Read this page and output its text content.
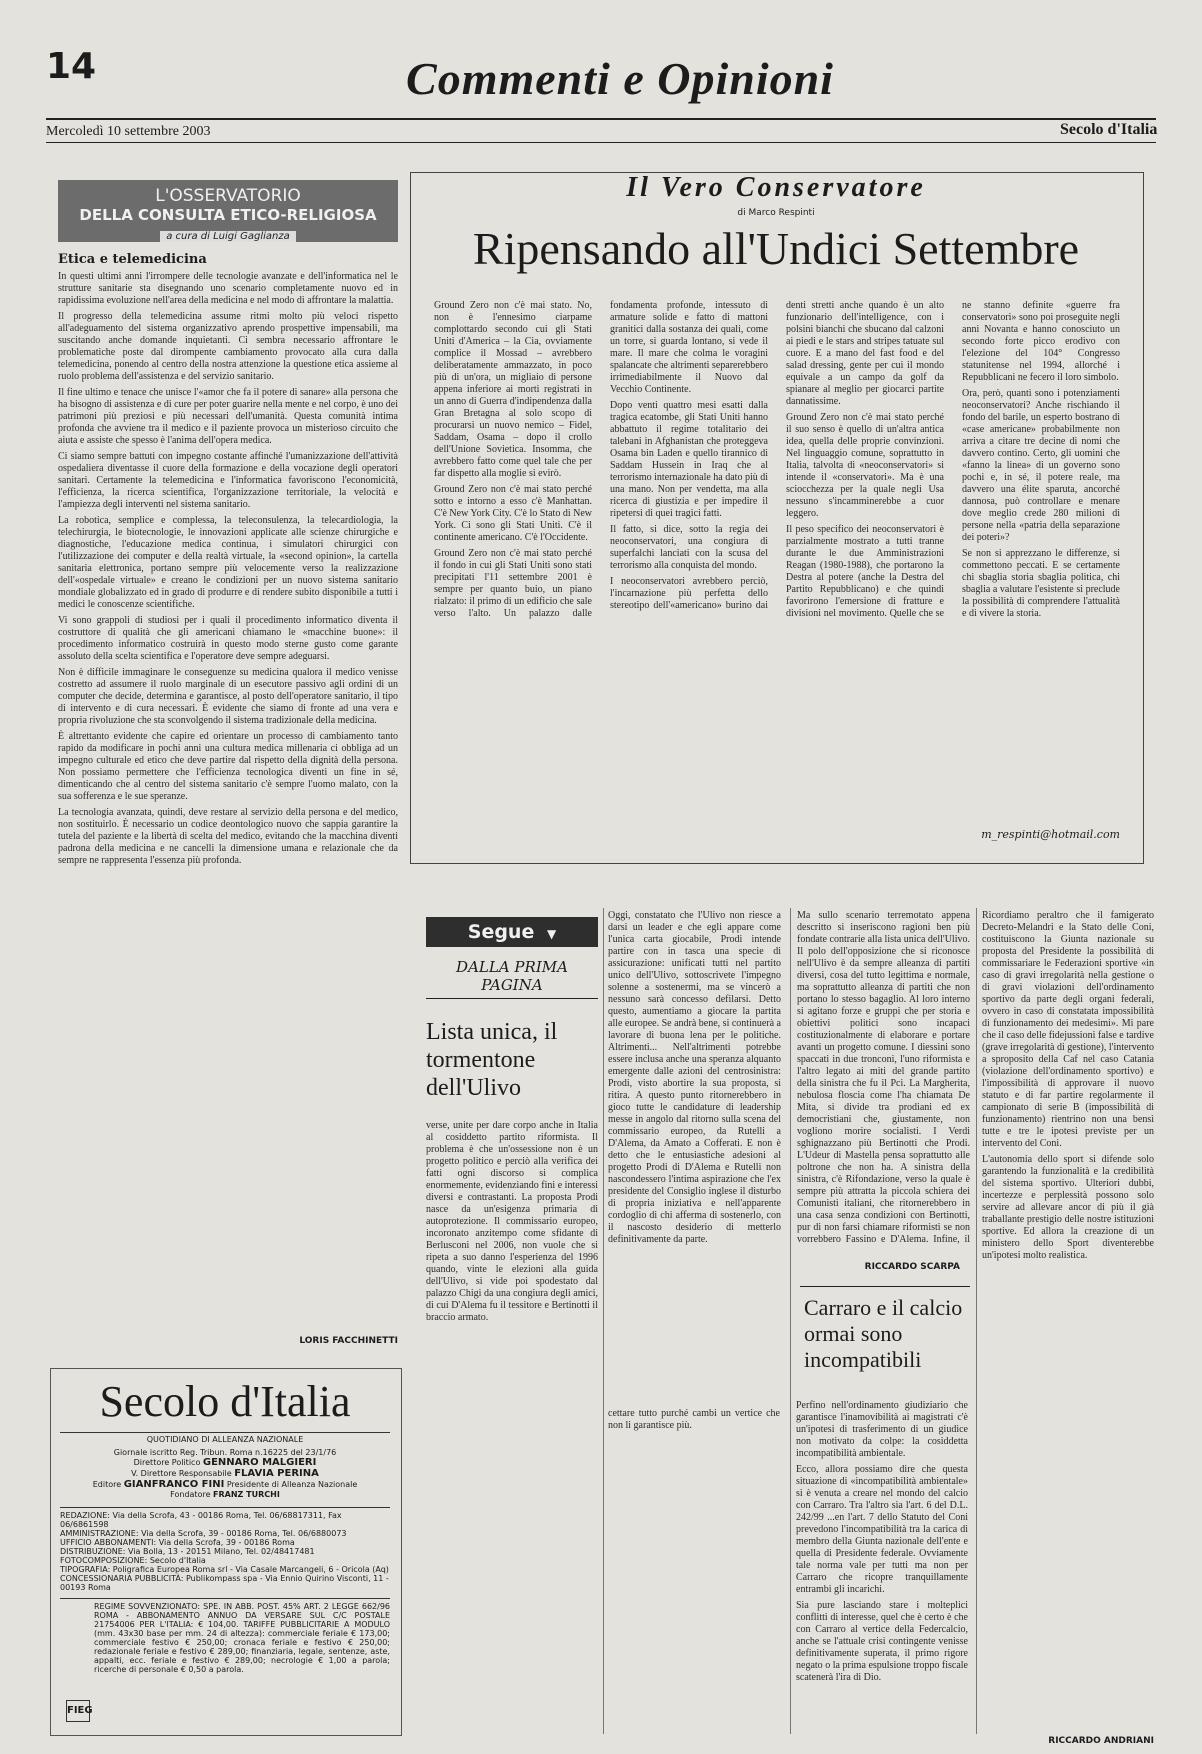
14	Commenti e Opinioni
Mercoledì 10 settembre 2003	Secolo d'Italia
L'OSSERVATORIO
DELLA CONSULTA ETICO-RELIGIOSA
a cura di Luigi Gaglianza
Etica e telemedicina

In questi ultimi anni l'irrompere delle tecnologie avanzate e dell'informatica nel le strutture sanitarie sta disegnando uno scenario completamente nuovo ed in rapidissima evoluzione nell'area della medicina e nel modo di affrontare la malattia.

Il progresso della telemedicina assume ritmi molto più veloci rispetto all'adeguamento del sistema organizzativo aprendo prospettive impensabili, ma suscitando anche domande inquietanti. Ci sembra necessario affrontare le problematiche poste dal dirompente cambiamento provocato alla cura dalla telemedicina, ponendo al centro della nostra attenzione la questione etica assieme al ruolo problema dell'assistenza e del servizio sanitario.

Il fine ultimo e tenace che unisce l'«amor che fa il potere di sanare» alla persona che ha bisogno di assistenza e di cure per poter guarire nella mente e nel corpo, è uno dei patrimoni più preziosi e più necessari dell'umanità. Questa comunità intima profonda che avviene tra il medico e il paziente provoca un misterioso circuito che aiuta e assiste che spesso è l'anima dell'opera medica.

Ci siamo sempre battuti con impegno costante affinché l'umanizzazione dell'attività ospedaliera diventasse il cuore della formazione e della vocazione degli operatori sanitari. Certamente la telemedicina e l'informatica favoriscono l'economicità, l'efficienza, la ricerca scientifica, l'organizzazione territoriale, la velocità e l'ampiezza degli interventi nel sistema sanitario.

La robotica, semplice e complessa, la teleconsulenza, la telecardiologia, la telechirurgia, le biotecnologie, le innovazioni applicate alle scienze chirurgiche e diagnostiche, l'educazione medica continua, i simulatori chirurgici con l'utilizzazione dei computer e della realtà virtuale, la «second opinion», la cartella sanitaria elettronica, portano sempre più velocemente verso la realizzazione dell'«ospedale virtuale» e creano le condizioni per un nuovo sistema sanitario mondiale globalizzato ed in grado di produrre e di rendere subito disponibile a tutti i medici le conoscenze scientifiche.

Vi sono grappoli di studiosi per i quali il procedimento informatico diventa il costruttore di qualità che gli americani chiamano le «macchine buone»: il procedimento informatico costruirà in questo modo sterne gusto come garante assoluto della scelta scientifica e l'operatore deve sempre adeguarsi.

Non è difficile immaginare le conseguenze su medicina qualora il medico venisse costretto ad assumere il ruolo marginale di un esecutore passivo agli ordini di un computer che decide, determina e garantisce, al posto dell'operatore sanitario, il tipo di intervento e di cura necessari. È evidente che siamo di fronte ad una vera e propria rivoluzione che sta sconvolgendo il sistema tradizionale della medicina.

È altrettanto evidente che capire ed orientare un processo di cambiamento tanto rapido da modificare in pochi anni una cultura medica millenaria ci obbliga ad un impegno culturale ed etico che deve partire dal rispetto della dignità della persona. Non possiamo permettere che l'efficienza tecnologica diventi un fine in sé, dimenticando che al centro del sistema sanitario c'è sempre l'uomo malato, con la sua sofferenza e le sue speranze.

La tecnologia avanzata, quindi, deve restare al servizio della persona e del medico, non sostituirlo. È necessario un codice deontologico nuovo che sappia garantire la tutela del paziente e la libertà di scelta del medico, evitando che la macchina diventi padrona della medicina e ne cancelli la dimensione umana e relazionale che da sempre ne rappresenta l'essenza più profonda.

LORIS FACCHINETTI
Il Vero Conservatore
di Marco Respinti
Ripensando all'Undici Settembre

Ground Zero non c'è mai stato. No, non è l'ennesimo ciarpame complottardo secondo cui gli Stati Uniti d'America – la Cia, ovviamente complice il Mossad – avrebbero deliberatamente ammazzato, in poco più di un'ora, un migliaio di persone appena inferiore ai morti registrati in un anno di Guerra d'indipendenza dalla Gran Bretagna al solo scopo di procurarsi un nuovo nemico – Fidel, Saddam, Osama – dopo il crollo dell'Unione Sovietica. Insomma, che avrebbero fatto come quel tale che per far dispetto alla moglie si evirò.

Ground Zero non c'è mai stato perché sotto e intorno a esso c'è Manhattan. C'è New York City. C'è lo Stato di New York. Ci sono gli Stati Uniti. C'è il continente americano. C'è l'Occidente.

Ground Zero non c'è mai stato perché il fondo in cui gli Stati Uniti sono stati precipitati l'11 settembre 2001 è sempre per quanto buio, un piano rialzato: il primo di un edificio che sale verso l'alto. Un palazzo dalle fondamenta profonde, intessuto di armature solide e fatto di mattoni granitici dalla sostanza dei quali, come un torre, si guarda lontano, si vede il mare. Il mare che colma le voragini spalancate che altrimenti separerebbero irrimediabilmente il Nuovo dal Vecchio Continente.

Dopo venti quattro mesi esatti dalla tragica ecatombe, gli Stati Uniti hanno abbattuto il regime totalitario dei talebani in Afghanistan che proteggeva Osama bin Laden e quello tirannico di Saddam Hussein in Iraq che al terrorismo internazionale ha dato più di una mano. Non per vendetta, ma alla ricerca di giustizia e per impedire il ripetersi di quei tragici fatti.

Il fatto, si dice, sotto la regia dei neoconservatori, una congiura di superfalchi lanciati con la scusa del terrorismo alla conquista del mondo.

I neoconservatori avrebbero perciò, l'incarnazione più perfetta dello stereotipo dell'«americano» burino dai denti stretti anche quando è un alto funzionario dell'intelligence, con i polsini bianchi che sbucano dal calzoni ai piedi e le stars and stripes tatuate sul cuore. E a mano del fast food e del salad dressing, gente per cui il mondo equivale a un campo da golf da spianare al meglio per giocarci partite dannatissime.

Ground Zero non c'è mai stato perché il suo senso è quello di un'altra antica idea, quella delle proprie convinzioni. Nel linguaggio comune, soprattutto in Italia, talvolta di «neoconservatori» si intende il «conservatori». Ma è una sciocchezza per la quale negli Usa nessuno s'incamminerebbe a cuor leggero.

Il peso specifico dei neoconservatori è parzialmente mostrato a tutti tranne durante le due Amministrazioni Reagan (1980-1988), che portarono la Destra al potere (anche la Destra del Partito Repubblicano) e che quindi favorirono l'emersione di fratture e divisioni nel movimento. Quelle che se ne stanno definite «guerre fra conservatori» sono poi proseguite negli anni Novanta e hanno conosciuto un secondo forte picco erodivo con l'elezione del 104° Congresso statunitense nel 1994, allorché i Repubblicani ne fecero il loro simbolo.

Ora, però, quanti sono i potenziamenti neoconservatori? Anche rischiando il fondo del barile, un esperto bostrano di «case americane» probabilmente non arriva a citare tre decine di nomi che davvero contino. Certo, gli uomini che «fanno la linea» di un governo sono pochi e, in sé, il potere reale, ma davvero una élite sparuta, ancorché dannosa, può controllare e menare dove meglio crede 280 milioni di persone nella «patria della separazione dei poteri»?

Se non si apprezzano le differenze, si commettono peccati. E se certamente chi sbaglia storia sbaglia politica, chi sbaglia a valutare l'esistente si preclude la possibilità di comprendere l'attualità e di vivere la storia.

m_respinti@hotmail.com
Segue ▼
DALLA PRIMA PAGINA
Lista unica, il tormentone dell'Ulivo

verse, unite per dare corpo anche in Italia al cosiddetto partito riformista. Il problema è che un'ossessione non è un progetto politico e perciò alla verifica dei fatti ogni discorso si complica enormemente, evidenziando fini e interessi diversi e contrastanti. La proposta Prodi nasce da un'esigenza primaria di autoprotezione. Il commissario europeo, incoronato anzitempo come sfidante di Berlusconi nel 2006, non vuole che si ripeta a suo danno l'esperienza del 1996 quando, vinte le elezioni alla guida dell'Ulivo, si vide poi spodestato dal palazzo Chigi da una congiura degli amici, di cui D'Alema fu il tessitore e Bertinotti il braccio armato.

Oggi, constatato che l'Ulivo non riesce a darsi un leader e che egli appare come l'unica carta giocabile, Prodi intende partire con in tasca una specie di assicurazione: unificati tutti nel partito unico dell'Ulivo, sottoscrivete l'impegno solenne a sostenermi, ma se vincerò a nessuno sarà concesso defilarsi. Detto questo, aumentiamo a giocare la partita alle europee. Se andrà bene, si continuerà a lavorare di buona lena per le politiche. Altrimenti... Nell'altrimenti potrebbe essere inclusa anche una speranza alquanto emergente dalle azioni del centrosinistra: Prodi, visto abortire la sua proposta, si ritira. A questo punto ritornerebbero in gioco tutte le candidature di leadership messe in angolo dal ritorno sulla scena del commissario europeo, da Rutelli a D'Alema, da Amato a Cofferati. E non è detto che le entusiastiche adesioni al progetto Prodi di D'Alema e Rutelli non nascondessero l'intima aspirazione che l'ex presidente del Consiglio inglese il disturbo di propria iniziativa e nell'apparente cordoglio di chi afferma di sostenerlo, con il nascosto desiderio di metterlo definitivamente da parte.

Ma sullo scenario terremotato appena descritto si inseriscono ragioni ben più fondate contrarie alla lista unica dell'Ulivo. Il polo dell'opposizione che si riconosce nell'Ulivo è da sempre alleanza di partiti diversi, cosa del tutto legittima e normale, ma soprattutto alleanza di partiti che non portano lo stesso bagaglio. Al loro interno si agitano forze e gruppi che per storia e obiettivi politici sono incapaci costituzionalmente di elaborare e portare avanti un progetto comune. I diessini sono spaccati in due tronconi, l'uno riformista e l'altro legato ai miti del grande partito della sinistra che fu il Pci. La Margherita, nebulosa floscia come l'ha chiamata De Mita, si divide tra prodiani ed ex democristiani che, giustamente, non vogliono morire socialisti. I Verdi sghignazzano più Bertinotti che Prodi. L'Udeur di Mastella pensa soprattutto alle poltrone che non ha. A sinistra della sinistra, c'è Rifondazione, verso la quale è sempre più attratta la piccola schiera dei Comunisti italiani, che ritornerebbero in una casa senza condizioni con Bertinotti, pur di non farsi chiamare riformisti se non vorrebbero Fassino e D'Alema. Infine, il

RICCARDO SCARPA
Carraro e il calcio ormai sono incompatibili

cettare tutto purché cambi un vertice che non li garantisce più.

Perfino nell'ordinamento giudiziario che garantisce l'inamovibilità ai magistrati c'è un'ipotesi di trasferimento di un giudice non motivato da colpe: la cosiddetta incompatibilità ambientale.

Ecco, allora possiamo dire che questa situazione di «incompatibilità ambientale» si è venuta a creare nel mondo del calcio con Carraro. Tra l'altro sia l'art. 6 del D.L. 242/99 ...en l'art. 7 dello Statuto del Coni prevedono l'incompatibilità tra la carica di membro della Giunta nazionale dell'ente e quella di Presidente federale. Ovviamente tale norma vale per tutti ma non per Carraro che ricopre tranquillamente entrambi gli incarichi.

Sia pure lasciando stare i molteplici conflitti di interesse, quel che è certo è che con Carraro al vertice della Federcalcio, anche se l'attuale crisi contingente venisse definitivamente superata, il primo rigore negato o la prima espulsione troppo fiscale scatenerà l'ira di Dio.

Ricordiamo peraltro che il famigerato Decreto-Melandri e la Stato delle Coni, costituiscono la Giunta nazionale su proposta del Presidente la possibilità di commissariare le Federazioni sportive «in caso di gravi irregolarità nella gestione o di gravi violazioni dell'ordinamento sportivo da parte degli organi federali, ovvero in caso di constatata impossibilità di funzionamento dei medesimi». Mi pare che il caso delle fidejussioni false e tardive (grave irregolarità di gestione), l'intervento a sproposito della Caf nel caso Catania (violazione dell'ordinamento sportivo) e l'impossibilità di approvare il nuovo statuto e di far partire regolarmente il campionato di serie B (impossibilità di funzionamento) rientrino non una bensì tutte e tre le ipotesi previste per un intervento del Coni.

L'autonomia dello sport si difende solo garantendo la funzionalità e la credibilità del sistema sportivo. Ulteriori dubbi, incertezze e perplessità possono solo servire ad allevare ancor di più il già traballante prestigio delle nostre istituzioni sportive. Ed allora la creazione di un ministero dello Sport diventerebbe un'ipotesi molto realistica.

RICCARDO ANDRIANI
Secolo d'Italia
QUOTIDIANO DI ALLEANZA NAZIONALE
Giornale iscritto Reg. Tribun. Roma n.16225 del 23/1/76
Direttore Politico GENNARO MALGIERI
V. Direttore Responsabile FLAVIA PERINA
Editore GIANFRANCO FINI Presidente di Alleanza Nazionale
Fondatore FRANZ TURCHI
REDAZIONE: Via della Scrofa, 43 - 00186 Roma, Tel. 06/68817311, Fax 06/6861598
AMMINISTRAZIONE: Via della Scrofa, 39 - 00186 Roma, Tel. 06/6880073
UFFICIO ABBONAMENTI: Via della Scrofa, 39 - 00186 Roma
DISTRIBUZIONE: Via Bolla, 13 - 20151 Milano, Tel. 02/48417481
FOTOCOMPOSIZIONE: Secolo d'Italia
TIPOGRAFIA: Poligrafica Europea Roma srl - Via Casale Marcangeli, 6 - Oricola (Aq)
CONCESSIONARIA PUBBLICITÀ: Publikompass spa - Via Ennio Quirino Visconti, 11 - 00193 Roma
REGIME SOVVENZIONATO: SPE. IN ABB. POST. 45% ART. 2 LEGGE 662/96 ROMA - ABBONAMENTO ANNUO DA VERSARE SUL C/C POSTALE 21754006 PER L'ITALIA: € 104,00. TARIFFE PUBBLICITARIE A MODULO (mm. 43x30 base per mm. 24 di altezza): commerciale feriale € 173,00; commerciale festivo € 250,00; cronaca feriale e festivo € 250,00; redazionale feriale e festivo € 289,00; finanziaria, legale, sentenze, aste, appalti, ecc. feriale e festivo € 289,00; necrologie € 1,00 a parola; ricerche di personale € 0,50 a parola.
FIEG
